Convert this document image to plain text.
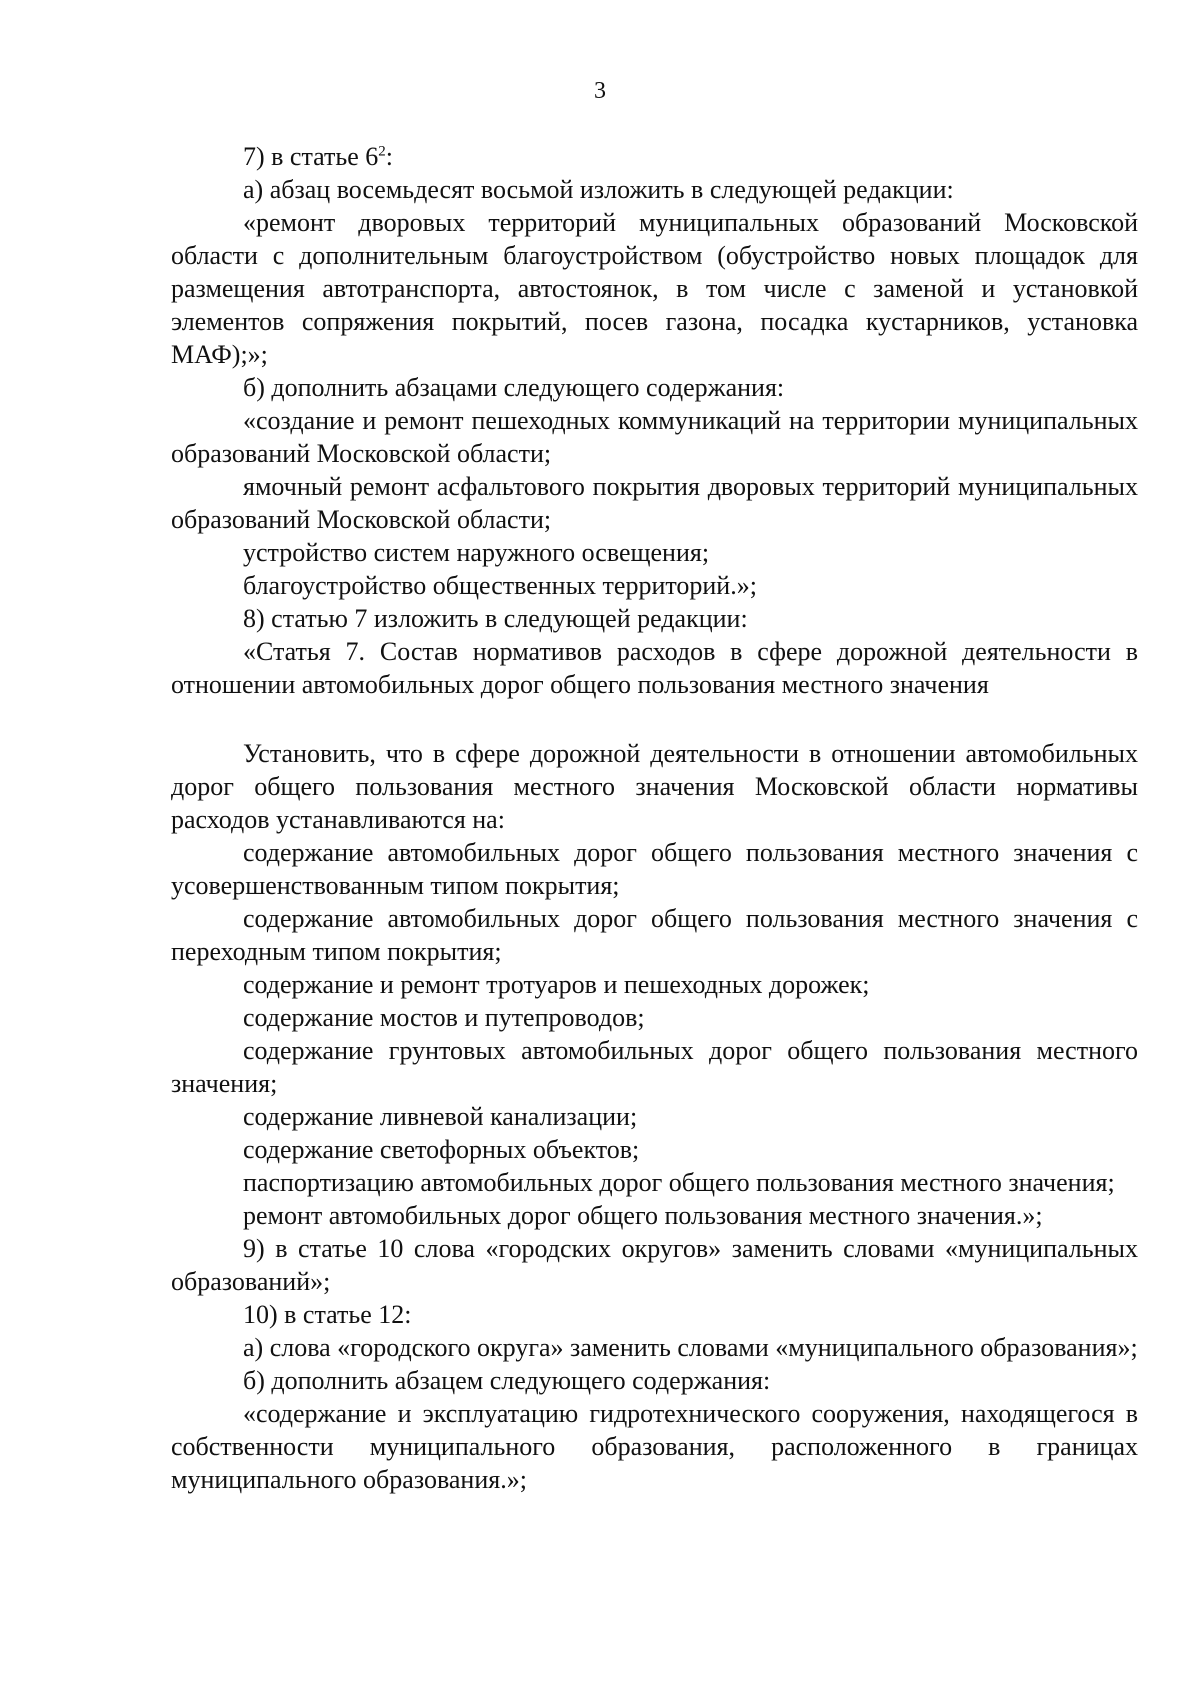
3

7) в статье $6^2$:

а) абзац восемьдесят восьмой изложить в следующей редакции:

«ремонт дворовых территорий муниципальных образований Московской области с дополнительным благоустройством (обустройство новых площадок для размещения автотранспорта, автостоянок, в том числе с заменой и установкой элементов сопряжения покрытий, посев газона, посадка кустарников, установка МАФ);»;

б) дополнить абзацами следующего содержания:

«создание и ремонт пешеходных коммуникаций на территории муниципальных образований Московской области;

ямочный ремонт асфальтового покрытия дворовых территорий муниципальных образований Московской области;

устройство систем наружного освещения;

благоустройство общественных территорий.»;

8) статью 7 изложить в следующей редакции:

«Статья 7. Состав нормативов расходов в сфере дорожной деятельности в отношении автомобильных дорог общего пользования местного значения

Установить, что в сфере дорожной деятельности в отношении автомобильных дорог общего пользования местного значения Московской области нормативы расходов устанавливаются на:

содержание автомобильных дорог общего пользования местного значения с усовершенствованным типом покрытия;

содержание автомобильных дорог общего пользования местного значения с переходным типом покрытия;

содержание и ремонт тротуаров и пешеходных дорожек;

содержание мостов и путепроводов;

содержание грунтовых автомобильных дорог общего пользования местного значения;

содержание ливневой канализации;

содержание светофорных объектов;

паспортизацию автомобильных дорог общего пользования местного значения;

ремонт автомобильных дорог общего пользования местного значения.»;

9) в статье 10 слова «городских округов» заменить словами «муниципальных образований»;

10) в статье 12:

а) слова «городского округа» заменить словами «муниципального образования»;

б) дополнить абзацем следующего содержания:

«содержание и эксплуатацию гидротехнического сооружения, находящегося в собственности муниципального образования, расположенного в границах муниципального образования.»;
